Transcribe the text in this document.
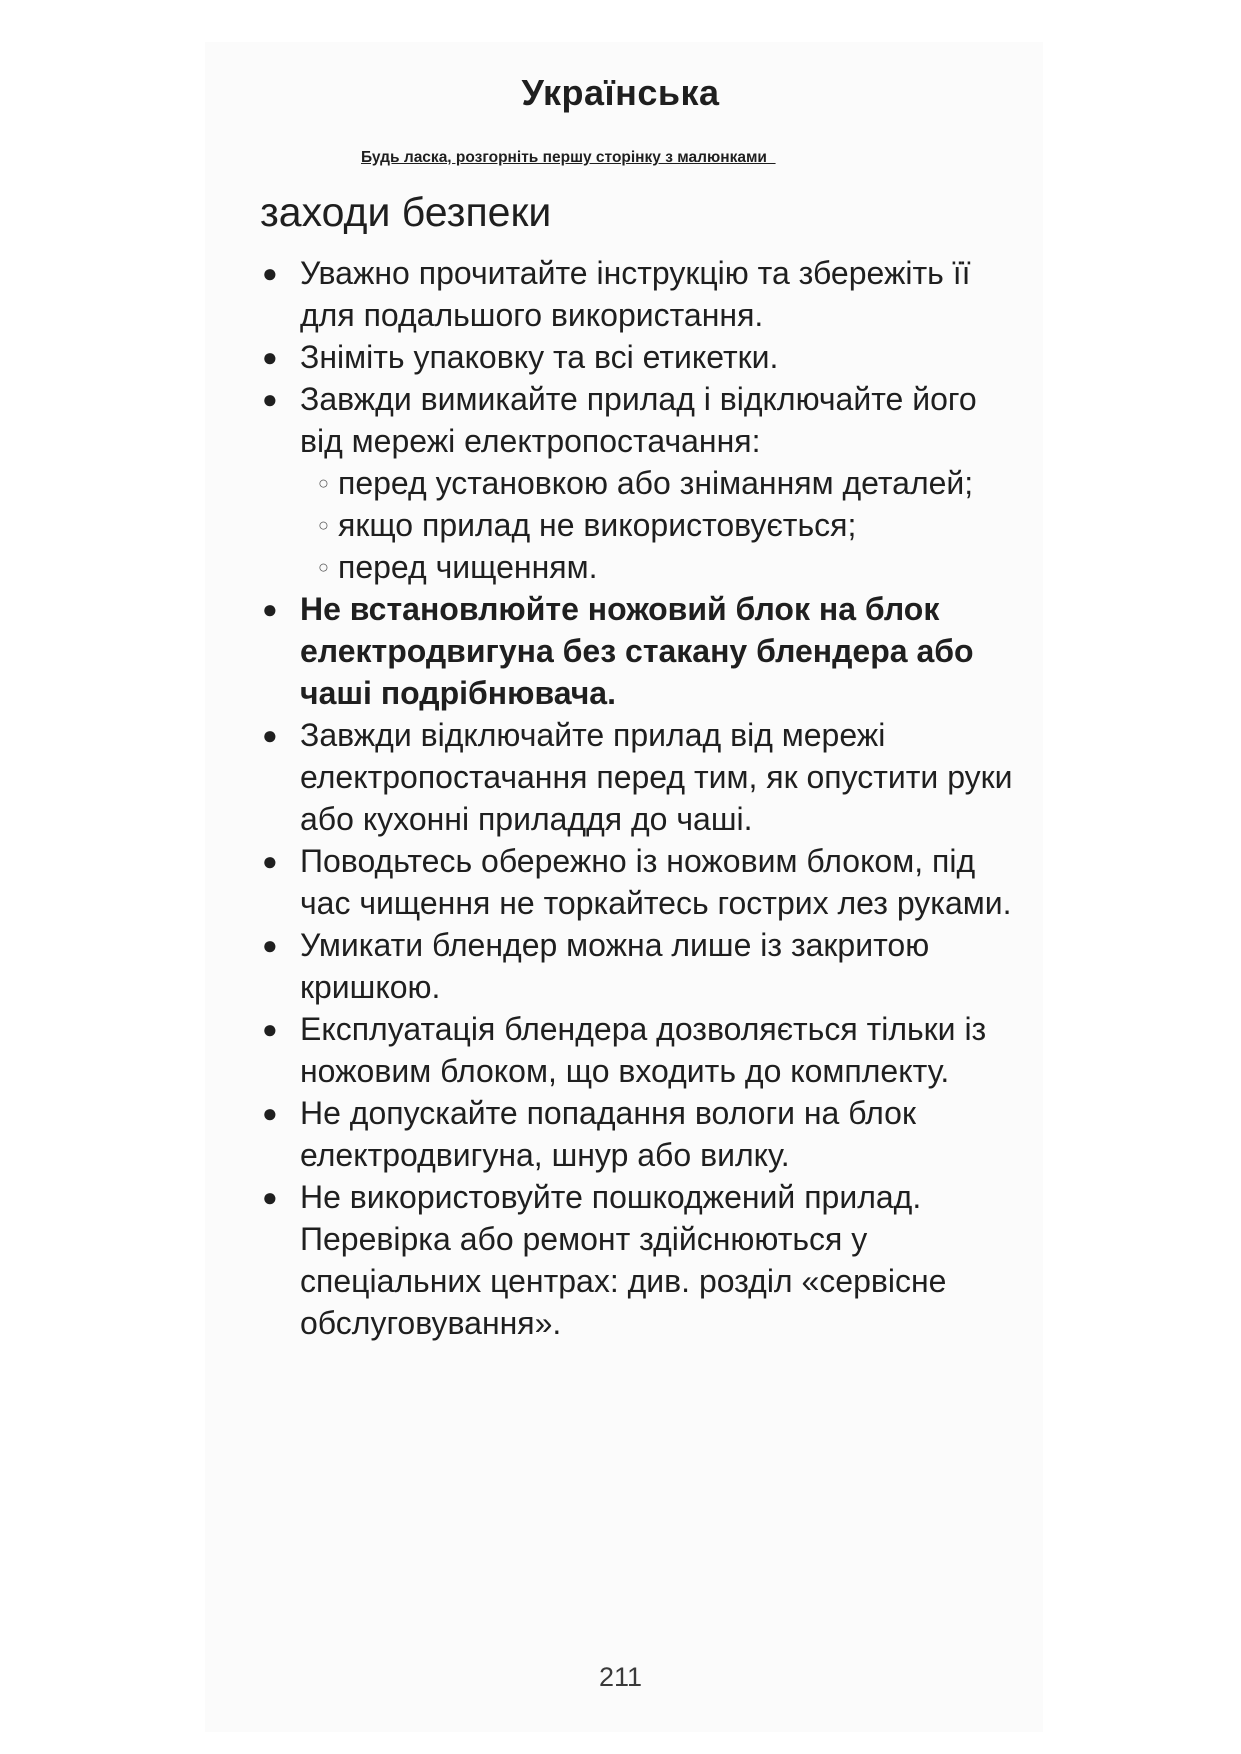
Українська
Будь ласка, розгорніть першу сторінку з малюнками
заходи безпеки
● Уважно прочитайте інструкцію та збережіть її для подальшого використання.
● Зніміть упаковку та всі етикетки.
● Завжди вимикайте прилад і відключайте його від мережі електропостачання:
○ перед установкою або зніманням деталей;
○ якщо прилад не використовується;
○ перед чищенням.
● Не встановлюйте ножовий блок на блок електродвигуна без стакану блендера або чаші подрібнювача.
● Завжди відключайте прилад від мережі електропостачання перед тим, як опустити руки або кухонні приладдя до чаші.
● Поводьтесь обережно із ножовим блоком, під час чищення не торкайтесь гострих лез руками.
● Умикати блендер можна лише із закритою кришкою.
● Експлуатація блендера дозволяється тільки із ножовим блоком, що входить до комплекту.
● Не допускайте попадання вологи на блок електродвигуна, шнур або вилку.
● Не використовуйте пошкоджений прилад. Перевірка або ремонт здійснюються у спеціальних центрах: див. розділ «сервісне обслуговування».
211
